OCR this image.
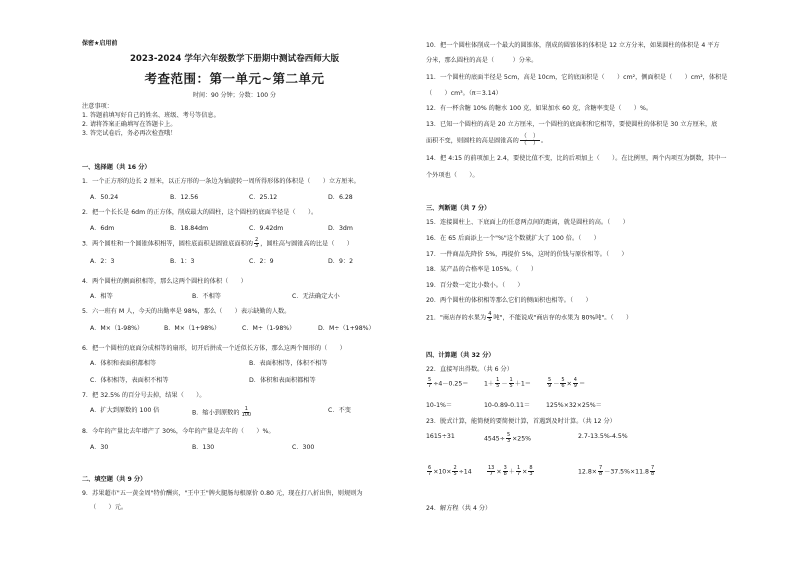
保密★启用前
2023-2024 学年六年级数学下册期中测试卷西师大版
考查范围：第一单元~第二单元
时间：90 分钟；分数：100 分
注意事项：
1. 答题前填写好自己的姓名、班级、考号等信息。
2. 请将答案正确填写在答题卡上。
3. 答完试卷后，务必再次检查哦！
一、选择题（共 16 分）
1．一个正方形的边长 2 厘米，以正方形的一条边为轴旋转一周所得形体的体积是（　　）立方厘米。
A．50.24	B．12.56	C．25.12	D．6.28
2．把一个长长是 6dm 的正方体，削成最大的圆柱，这个圆柱的底面半径是（　　）。
A．6dm	B．18.84dm	C．9.42dm	D．3dm
3．两个圆柱和一个圆锥体积相等，圆柱底面积是圆锥底面积的 $\frac{2}{3}$ ，圆柱高与圆锥高的比是（　　）
A．2：3	B．1：3	C．2：9	D．9：2
4．两个圆柱的侧面积相等，那么这两个圆柱的体积（　　）
A．相等	B．不相等	C．无法确定大小
5．六一班有 M 人，今天的出勤率是 98%，那么（　　）表示缺勤的人数。
A．M×（1-98%）	B．M×（1+98%）	C．M÷（1-98%）	D．M÷（1+98%）
6．把一个圆柱的底面分成相等的扇形，切开后拼成一个近似长方体，那么这两个图形的（　　）
A．体积和表面积都相等	B．表面积相等，体积不相等
C．体积相等，表面积不相等	D．体积和表面积都相等
7．把 32.5% 的百分号去掉，结果（　　）。
A．扩大到原数的 100 倍	B．缩小到原数的 $\frac{1}{100}$	C．不变
8．今年的产量比去年增产了 30%，今年的产量是去年的（　　）%。
A．30	B．130	C．300
二、填空题（共 9 分）
9．苏果超市"五一黄金周"特价酬宾，"王中王"牌火腿肠每根原价 0.80 元，现在打八折出售，则规则为
（　　）元。
10．把一个圆柱体削成一个最大的圆锥体，削成的圆锥体的体积是 12 立方分米，如果圆柱的体积是 4 平方
分米，那么圆柱的高是（　　　）分米。
11．一个圆柱的底面半径是 5cm，高是 10cm，它的底面积是（　　）cm²，侧面积是（　　）cm²，体积是
（　　）cm³。（π＝3.14）
12．有一杯含糖 10% 的糖水 100 克，如果加水 60 克，含糖率变是（　　）%。
13．已知一个圆柱的高是 20 立方厘米，一个圆柱的底面积和它相等，要使圆柱的体积是 30 立方厘米，底
面积不变，则圆柱的高是圆锥高的 $\frac{( )}{( )}$ 。
14．把 4:15 的前项加上 2.4，要使比值不变，比的后项加上（　　）。在比例里，两个内项互为倒数，其中一
个外项也（　　）。
三、判断题（共 7 分）
15．连接圆柱上、下底面上的任意两点间的距离，就是圆柱的高。（　　）
16．在 65 后面添上一个"%"这个数就扩大了 100 倍。（　　）
17．一件商品先降价 5%，再提价 5%，这时的价钱与原价相等。（　　）
18．某产品的合格率是 105%。（　　）
19．百分数一定比小数小。（　　）
20．两个圆柱的体积相等那么它们的侧面积也相等。（　　）
21．"商店存的水果为 $\frac{4}{5}$ 吨"，不能说成"商店存的水果为 80%吨"。（　　）
四、计算题（共 32 分）
22．直接写出得数。（共 6 分）
$\frac{5}{7} \div 4-0.25=$	$1+ \frac{1}{5} - \frac{1}{5} +1=$	$\frac{5}{9} - \frac{5}{6} \times \frac{4}{9}$ ＝
10-1%＝	10-0.89-0.11＝	125%×32×25%＝
23．脱式计算，能简便的要简便计算，首遇到及时计算。（共 12 分）
1615÷31	$4545\div \frac{5}{3} \times 25\%$	2.7-13.5%-4.5%
$\frac{6}{7} \times 10\times \frac{2}{5} \div 14$	$\frac{13}{7} \times \frac{3}{8} + \frac{1}{7} \times \frac{8}{3}$	$12.8\times \frac{7}{8} -37.5\%\times 11.8 \frac{7}{8}$
24．解方程（共 4 分）
